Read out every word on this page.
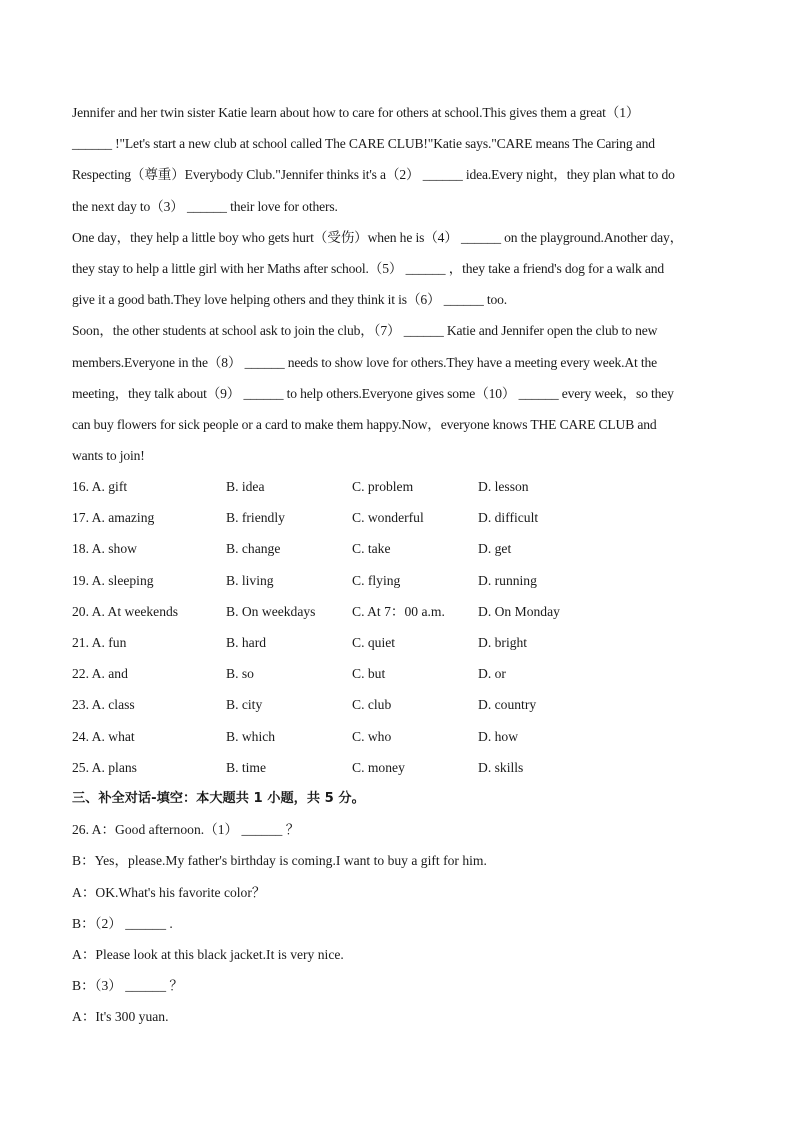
Jennifer and her twin sister Katie learn about how to care for others at school.This gives them a great（1）
______ !"Let's start a new club at school called The CARE CLUB!"Katie says."CARE means The Caring and
Respecting（尊重）Everybody Club."Jennifer thinks it's a（2） ______ idea.Every night，they plan what to do
the next day to（3） ______ their love for others.
One day，they help a little boy who gets hurt（受伤）when he is（4） ______ on the playground.Another day，
they stay to help a little girl with her Maths after school.（5） ______ ，they take a friend's dog for a walk and
give it a good bath.They love helping others and they think it is（6） ______ too.
Soon，the other students at school ask to join the club，（7） ______ Katie and Jennifer open the club to new
members.Everyone in the（8） ______ needs to show love for others.They have a meeting every week.At the
meeting，they talk about（9） ______ to help others.Everyone gives some（10） ______ every week，so they
can buy flowers for sick people or a card to make them happy.Now，everyone knows THE CARE CLUB and
wants to join!
16. A. gift	B. idea	C. problem	D. lesson
17. A. amazing	B. friendly	C. wonderful	D. difficult
18. A. show	B. change	C. take	D. get
19. A. sleeping	B. living	C. flying	D. running
20. A. At weekends	B. On weekdays	C. At 7：00 a.m. D. On Monday
21. A. fun	B. hard	C. quiet	D. bright
22. A. and	B. so	C. but	D. or
23. A. class	B. city	C. club	D. country
24. A. what	B. which	C. who	D. how
25. A. plans	B. time	C. money	D. skills
三、补全对话-填空：本大题共 1 小题，共 5 分。
26. A：Good afternoon.（1） ______ ？
B：Yes，please.My father's birthday is coming.I want to buy a gift for him.
A：OK.What's his favorite color？
B：（2） ______ .
A：Please look at this black jacket.It is very nice.
B：（3） ______ ？
A：It's 300 yuan.
